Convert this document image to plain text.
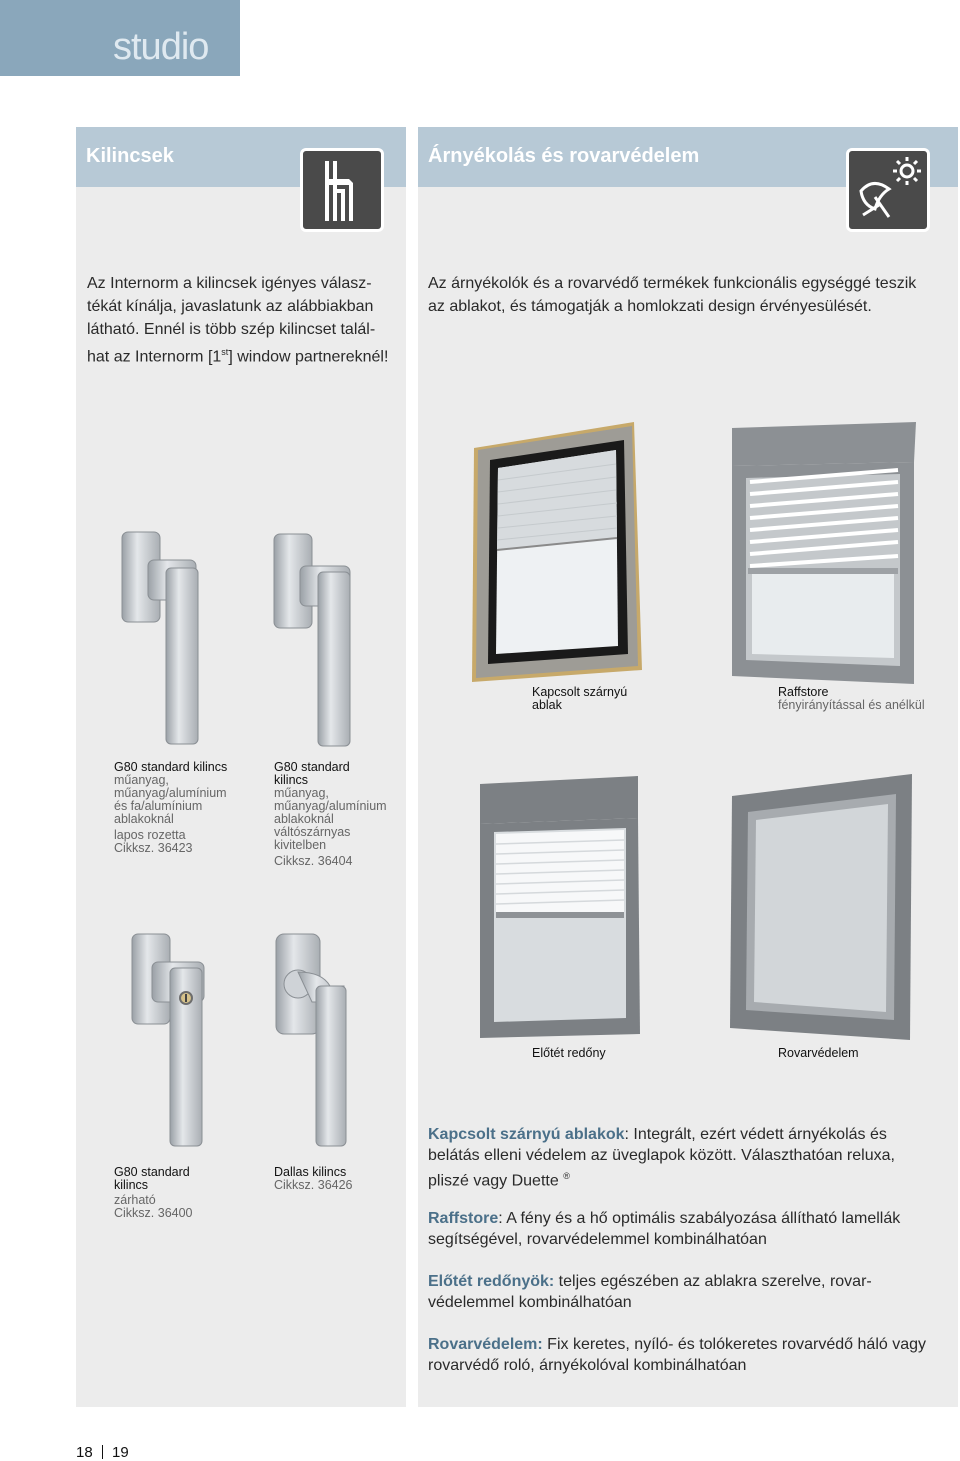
studio
Kilincsek
Az Internorm a kilincsek igényes válasz-
tékát kínálja, javaslatunk az alábbiakban
látható. Ennél is több szép kilincset talál-
hat az Internorm [1st] window partnereknél!
G80 standard kilincs
műanyag,
műanyag/alumínium
és fa/alumínium
ablakoknál
lapos rozetta
Cikksz. 36423
G80 standard
kilincs
műanyag,
műanyag/alumínium
ablakoknál
váltószárnyas
kivitelben
Cikksz. 36404
G80 standard
kilincs
zárható
Cikksz. 36400
Dallas kilincs
Cikksz. 36426
Árnyékolás és rovarvédelem
Az árnyékolók és a rovarvédő termékek funkcionális egységgé teszik
az ablakot, és támogatják a homlokzati design érvényesülését.
Kapcsolt szárnyú
ablak
Raffstore
fényirányítással és anélkül
Előtét redőny	Rovarvédelem
Kapcsolt szárnyú ablakok: Integrált, ezért védett árnyékolás és
belátás elleni védelem az üveglapok között. Választhatóan reluxa,
pliszé vagy Duette ®
Raffstore: A fény és a hő optimális szabályozása állítható lamellák
segítségével, rovarvédelemmel kombinálhatóan
Előtét redőnyök: teljes egészében az ablakra szerelve, rovar-
védelemmel kombinálhatóan
Rovarvédelem: Fix keretes, nyíló- és tolókeretes rovarvédő háló vagy
rovarvédő roló, árnyékolóval kombinálhatóan
18 19
